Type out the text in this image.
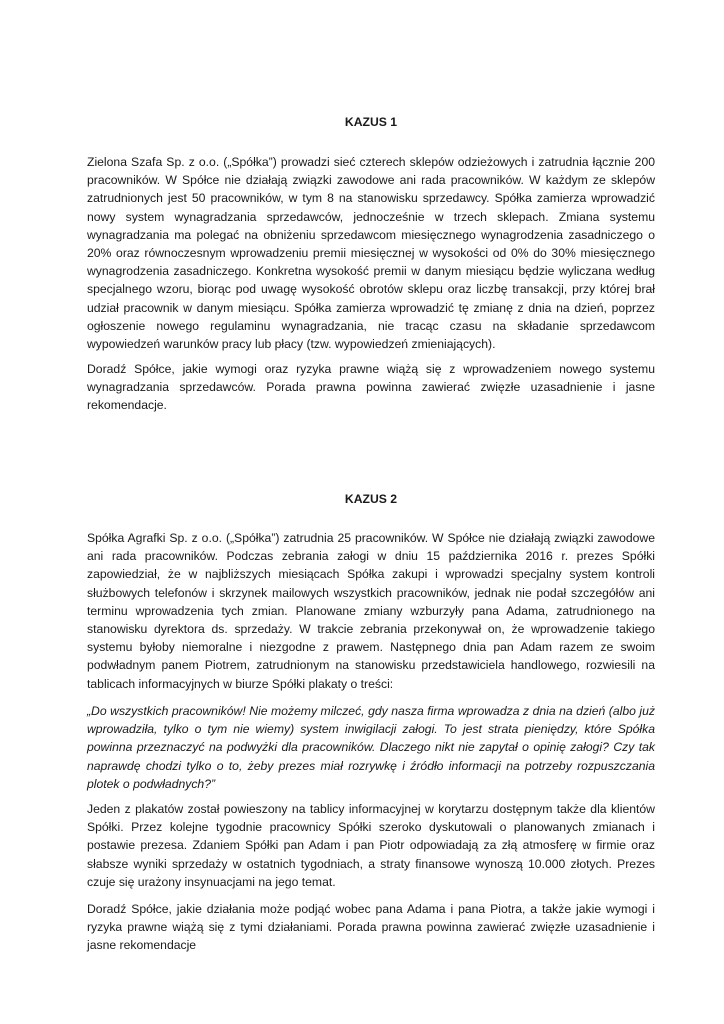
KAZUS 1

Zielona Szafa Sp. z o.o. („Spółka”) prowadzi sieć czterech sklepów odzieżowych i zatrudnia łącznie 200 pracowników. W Spółce nie działają związki zawodowe ani rada pracowników. W każdym ze sklepów zatrudnionych jest 50 pracowników, w tym 8 na stanowisku sprzedawcy. Spółka zamierza wprowadzić nowy system wynagradzania sprzedawców, jednocześnie w trzech sklepach. Zmiana systemu wynagradzania ma polegać na obniżeniu sprzedawcom miesięcznego wynagrodzenia zasadniczego o 20% oraz równoczesnym wprowadzeniu premii miesięcznej w wysokości od 0% do 30% miesięcznego wynagrodzenia zasadniczego. Konkretna wysokość premii w danym miesiącu będzie wyliczana według specjalnego wzoru, biorąc pod uwagę wysokość obrotów sklepu oraz liczbę transakcji, przy której brał udział pracownik w danym miesiącu. Spółka zamierza wprowadzić tę zmianę z dnia na dzień, poprzez ogłoszenie nowego regulaminu wynagradzania, nie tracąc czasu na składanie sprzedawcom wypowiedzeń warunków pracy lub płacy (tzw. wypowiedzeń zmieniających).

Doradź Spółce, jakie wymogi oraz ryzyka prawne wiążą się z wprowadzeniem nowego systemu wynagradzania sprzedawców. Porada prawna powinna zawierać zwięzłe uzasadnienie i jasne rekomendacje.

KAZUS 2

Spółka Agrafki Sp. z o.o. („Spółka”) zatrudnia 25 pracowników. W Spółce nie działają związki zawodowe ani rada pracowników. Podczas zebrania załogi w dniu 15 października 2016 r. prezes Spółki zapowiedział, że w najbliższych miesiącach Spółka zakupi i wprowadzi specjalny system kontroli służbowych telefonów i skrzynek mailowych wszystkich pracowników, jednak nie podał szczegółów ani terminu wprowadzenia tych zmian. Planowane zmiany wzburzyły pana Adama, zatrudnionego na stanowisku dyrektora ds. sprzedaży. W trakcie zebrania przekonywał on, że wprowadzenie takiego systemu byłoby niemoralne i niezgodne z prawem. Następnego dnia pan Adam razem ze swoim podwładnym panem Piotrem, zatrudnionym na stanowisku przedstawiciela handlowego, rozwiesili na tablicach informacyjnych w biurze Spółki plakaty o treści:

„Do wszystkich pracowników! Nie możemy milczeć, gdy nasza firma wprowadza z dnia na dzień (albo już wprowadziła, tylko o tym nie wiemy) system inwigilacji załogi. To jest strata pieniędzy, które Spółka powinna przeznaczyć na podwyżki dla pracowników. Dlaczego nikt nie zapytał o opinię załogi? Czy tak naprawdę chodzi tylko o to, żeby prezes miał rozrywkę i źródło informacji na potrzeby rozpuszczania plotek o podwładnych?”

Jeden z plakatów został powieszony na tablicy informacyjnej w korytarzu dostępnym także dla klientów Spółki. Przez kolejne tygodnie pracownicy Spółki szeroko dyskutowali o planowanych zmianach i postawie prezesa. Zdaniem Spółki pan Adam i pan Piotr odpowiadają za złą atmosferę w firmie oraz słabsze wyniki sprzedaży w ostatnich tygodniach, a straty finansowe wynoszą 10.000 złotych. Prezes czuje się urażony insynuacjami na jego temat.

Doradź Spółce, jakie działania może podjąć wobec pana Adama i pana Piotra, a także jakie wymogi i ryzyka prawne wiążą się z tymi działaniami. Porada prawna powinna zawierać zwięzłe uzasadnienie i jasne rekomendacje
